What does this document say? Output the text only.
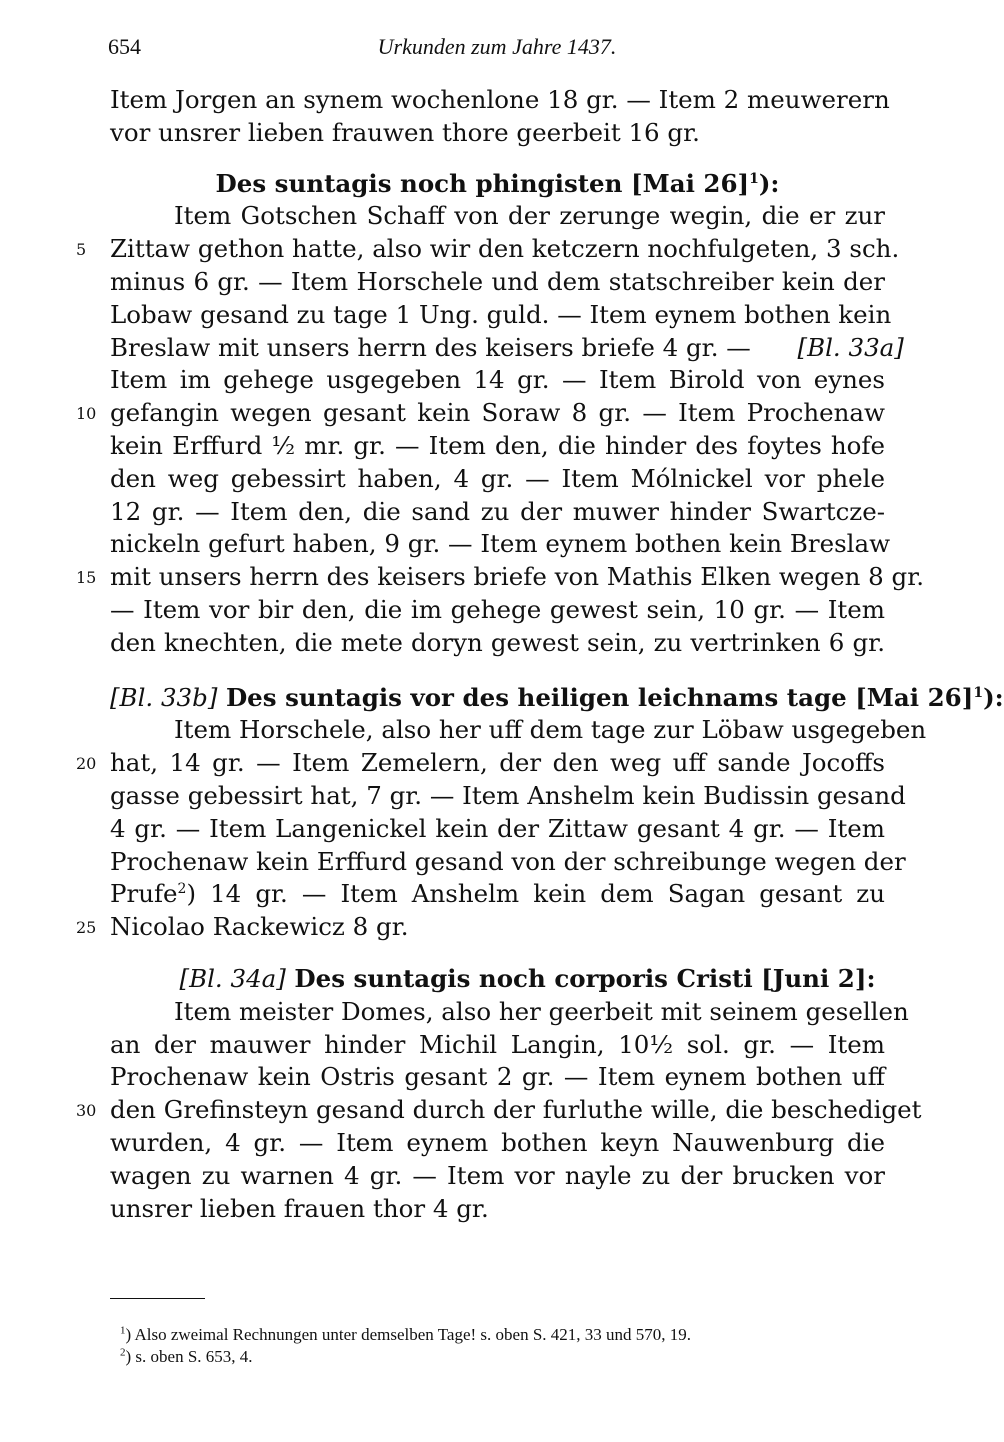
654	Urkunden zum Jahre 1437.
Item Jorgen an synem wochenlone 18 gr. — Item 2 meuwerern
vor unsrer lieben frauwen thore geerbeit 16 gr.
Des suntagis noch phingisten [Mai 26]$^1$):
Item Gotschen Schaff von der zerunge wegin, die er zur
5 Zittaw gethon hatte, also wir den ketczern nochfulgeten, 3 sch.
minus 6 gr. — Item Horschele und dem statschreiber kein der
Lobaw gesand zu tage 1 Ung. guld. — Item eynem bothen kein
Breslaw mit unsers herrn des keisers briefe 4 gr. — [Bl. 33a]
Item im gehege usgegeben 14 gr. — Item Birold von eynes
10 gefangin wegen gesant kein Soraw 8 gr. — Item Prochenaw
kein Erffurd ½ mr. gr. — Item den, die hinder des foytes hofe
den weg gebessirt haben, 4 gr. — Item Mólnickel vor phele
12 gr. — Item den, die sand zu der muwer hinder Swartcze-
nickeln gefurt haben, 9 gr. — Item eynem bothen kein Breslaw
15 mit unsers herrn des keisers briefe von Mathis Elken wegen 8 gr.
— Item vor bir den, die im gehege gewest sein, 10 gr. — Item
den knechten, die mete doryn gewest sein, zu vertrinken 6 gr.
[Bl. 33b] Des suntagis vor des heiligen leichnams tage [Mai 26]$^1$):
Item Horschele, also her uff dem tage zur Löbaw usgegeben
20 hat, 14 gr. — Item Zemelern, der den weg uff sande Jocoffs
gasse gebessirt hat, 7 gr. — Item Anshelm kein Budissin gesand
4 gr. — Item Langenickel kein der Zittaw gesant 4 gr. — Item
Prochenaw kein Erffurd gesand von der schreibunge wegen der
Prufe$^2$) 14 gr. — Item Anshelm kein dem Sagan gesant zu
25 Nicolao Rackewicz 8 gr.
[Bl. 34a] Des suntagis noch corporis Cristi [Juni 2]:
Item meister Domes, also her geerbeit mit seinem gesellen
an der mauwer hinder Michil Langin, 10½ sol. gr. — Item
Prochenaw kein Ostris gesant 2 gr. — Item eynem bothen uff
30 den Grefinsteyn gesand durch der furluthe wille, die beschediget
wurden, 4 gr. — Item eynem bothen keyn Nauwenburg die
wagen zu warnen 4 gr. — Item vor nayle zu der brucken vor
unsrer lieben frauen thor 4 gr.
$^1$) Also zweimal Rechnungen unter demselben Tage! s. oben S. 421, 33 und 570, 19.
$^2$) s. oben S. 653, 4.
